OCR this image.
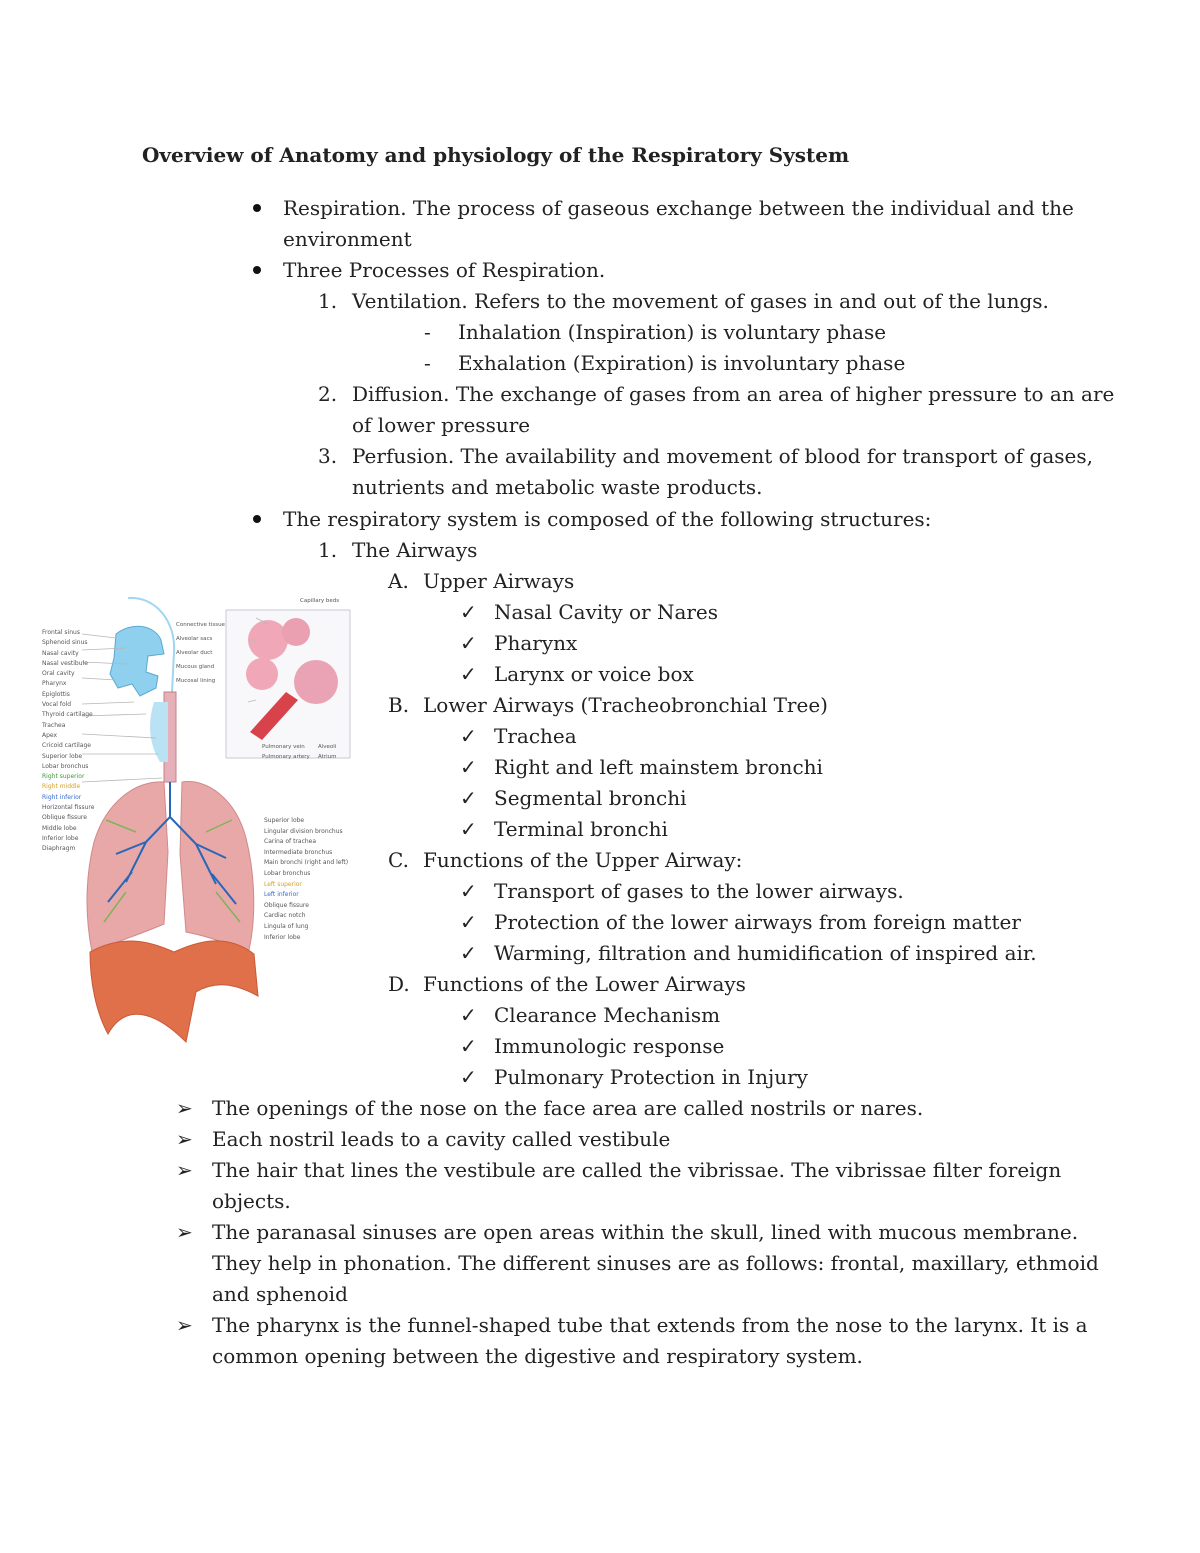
Overview of Anatomy and physiology of the Respiratory System
Respiration. The process of gaseous exchange between the individual and the
environment
Three Processes of Respiration.
1. Ventilation. Refers to the movement of gases in and out of the lungs.
- Inhalation (Inspiration) is voluntary phase
- Exhalation (Expiration) is involuntary phase
2. Diffusion. The exchange of gases from an area of higher pressure to an are
of lower pressure
3. Perfusion. The availability and movement of blood for transport of gases,
nutrients and metabolic waste products.
The respiratory system is composed of the following structures:
1. The Airways
A. Upper Airways
✓ Nasal Cavity or Nares
✓ Pharynx
✓ Larynx or voice box
B. Lower Airways (Tracheobronchial Tree)
✓ Trachea
✓ Right and left mainstem bronchi
✓ Segmental bronchi
✓ Terminal bronchi
C. Functions of the Upper Airway:
✓ Transport of gases to the lower airways.
✓ Protection of the lower airways from foreign matter
✓ Warming, filtration and humidification of inspired air.
D. Functions of the Lower Airways
✓ Clearance Mechanism
✓ Immunologic response
✓ Pulmonary Protection in Injury
➢ The openings of the nose on the face area are called nostrils or nares.
➢ Each nostril leads to a cavity called vestibule
➢ The hair that lines the vestibule are called the vibrissae. The vibrissae filter foreign
objects.
➢ The paranasal sinuses are open areas within the skull, lined with mucous membrane.
They help in phonation. The different sinuses are as follows: frontal, maxillary, ethmoid
and sphenoid
➢ The pharynx is the funnel-shaped tube that extends from the nose to the larynx. It is a
common opening between the digestive and respiratory system.
Frontal sinus
Sphenoid sinus
Nasal cavity
Nasal vestibule
Oral cavity
Pharynx
Epiglottis
Vocal fold
Thyroid cartilage
Trachea
Apex
Cricoid cartilage
Superior lobe
Lobar bronchus
Right superior
Right middle
Right inferior
Horizontal fissure
Oblique fissure
Middle lobe
Inferior lobe
Diaphragm
Superior lobe
Lingular division bronchus
Carina of trachea
Intermediate bronchus
Main bronchi (right and left)
Lobar bronchus
Left superior
Left inferior
Oblique fissure
Cardiac notch
Lingula of lung
Inferior lobe
Connective tissue
Alveolar sacs
Alveolar duct
Mucous gland
Mucosal lining
Capillary beds
Pulmonary vein
Pulmonary artery
Alveoli
Atrium
